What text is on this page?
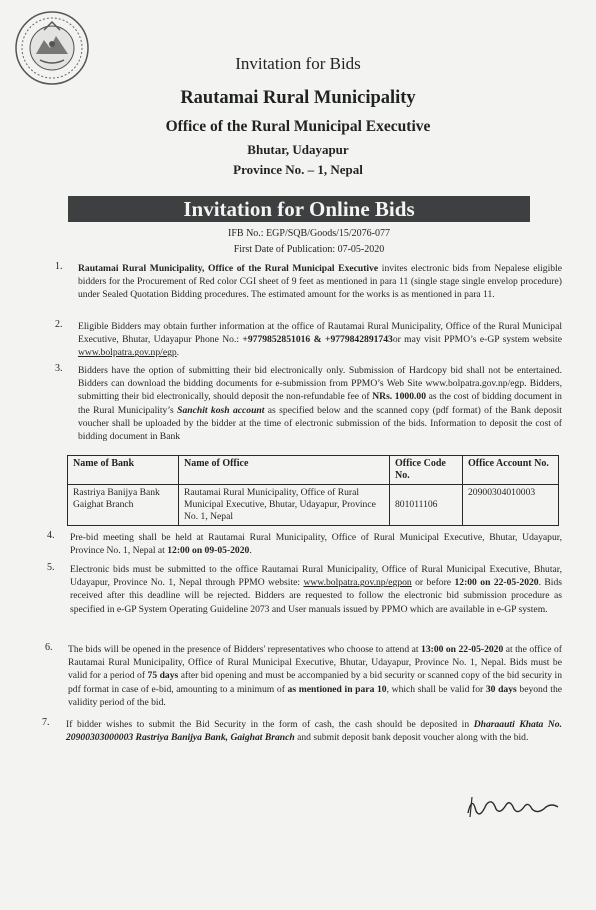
Invitation for Bids
Rautamai Rural Municipality
Office of the Rural Municipal Executive
Bhutar, Udayapur
Province No. – 1, Nepal
Invitation for Online Bids
IFB No.: EGP/SQB/Goods/15/2076-077
First Date of Publication: 07-05-2020
1. Rautamai Rural Municipality, Office of the Rural Municipal Executive invites electronic bids from Nepalese eligible bidders for the Procurement of Red color CGI sheet of 9 feet as mentioned in para 11 (single stage single envelop procedure) under Sealed Quotation Bidding procedures. The estimated amount for the works is as mentioned in para 11.
2. Eligible Bidders may obtain further information at the office of Rautamai Rural Municipality, Office of the Rural Municipal Executive, Bhutar, Udayapur Phone No.: +9779852851016 & +9779842891743or may visit PPMO’s e-GP system website www.bolpatra.gov.np/egp.
3. Bidders have the option of submitting their bid electronically only. Submission of Hardcopy bid shall not be entertained. Bidders can download the bidding documents for e-submission from PPMO’s Web Site www.bolpatra.gov.np/egp. Bidders, submitting their bid electronically, should deposit the non-refundable fee of NRs. 1000.00 as the cost of bidding document in the Rural Municipality’s Sanchit kosh account as specified below and the scanned copy (pdf format) of the Bank deposit voucher shall be uploaded by the bidder at the time of electronic submission of the bids. Information to deposit the cost of bidding document in Bank
Name of Bank	Name of Office	Office Code No.	Office Account No.
Rastriya Banijya Bank Gaighat Branch	Rautamai Rural Municipality, Office of Rural Municipal Executive, Bhutar, Udayapur, Province No. 1, Nepal	801011106	20900304010003
4. Pre-bid meeting shall be held at Rautamai Rural Municipality, Office of Rural Municipal Executive, Bhutar, Udayapur, Province No. 1, Nepal at 12:00 on 09-05-2020.
5. Electronic bids must be submitted to the office Rautamai Rural Municipality, Office of Rural Municipal Executive, Bhutar, Udayapur, Province No. 1, Nepal through PPMO website: www.bolpatra.gov.np/egpon or before 12:00 on 22-05-2020. Bids received after this deadline will be rejected. Bidders are requested to follow the electronic bid submission procedure as specified in e-GP System Operating Guideline 2073 and User manuals issued by PPMO which are available in e-GP system.
6. The bids will be opened in the presence of Bidders' representatives who choose to attend at 13:00 on 22-05-2020 at the office of Rautamai Rural Municipality, Office of Rural Municipal Executive, Bhutar, Udayapur, Province No. 1, Nepal. Bids must be valid for a period of 75 days after bid opening and must be accompanied by a bid security or scanned copy of the bid security in pdf format in case of e-bid, amounting to a minimum of as mentioned in para 10, which shall be valid for 30 days beyond the validity period of the bid.
7. If bidder wishes to submit the Bid Security in the form of cash, the cash should be deposited in Dharaauti Khata No. 20900303000003 Rastriya Banijya Bank, Gaighat Branch and submit deposit bank deposit voucher along with the bid.
